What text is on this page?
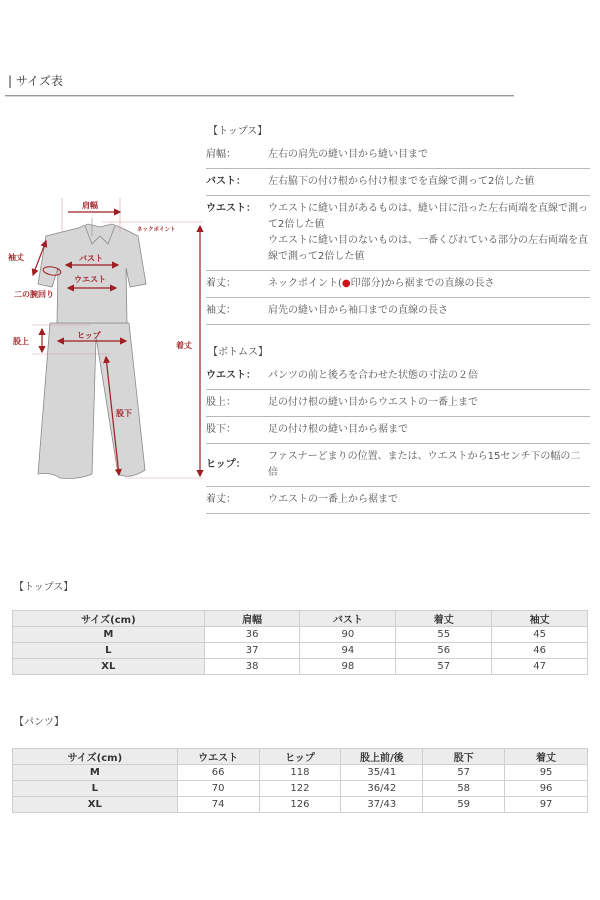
| サイズ表
肩幅
ネックポイント
袖丈	バスト
ウエスト
二の腕回り
股上
ヒップ
着丈
股下
【トップス】
肩幅：	左右の肩先の縫い目から縫い目まで
バスト：	左右脇下の付け根から付け根までを直線で測って2倍した値
ウエスト：	ウエストに縫い目があるものは、縫い目に沿った左右両端を直線で測って2倍した値
ウエストに縫い目のないものは、一番くびれている部分の左右両端を直線で測って2倍した値
着丈：	ネックポイント(●印部分)から裾までの直線の長さ
袖丈：	肩先の縫い目から袖口までの直線の長さ
【ボトムス】
ウエスト：	パンツの前と後ろを合わせた状態の寸法の２倍
股上：	足の付け根の縫い目からウエストの一番上まで
股下：	足の付け根の縫い目から裾まで
ヒップ：
ファスナーどまりの位置、または、ウエストから15センチ下の幅の二倍
着丈：	ウエストの一番上から裾まで
【トップス】
サイズ(cm)	肩幅	バスト	着丈	袖丈
M	36	90	55	45
L	37	94	56	46
XL	38	98	57	47
【パンツ】
サイズ(cm)	ウエスト	ヒップ	股上前/後	股下	着丈
M	66	118	35/41	57	95
L	70	122	36/42	58	96
XL	74	126	37/43	59	97
